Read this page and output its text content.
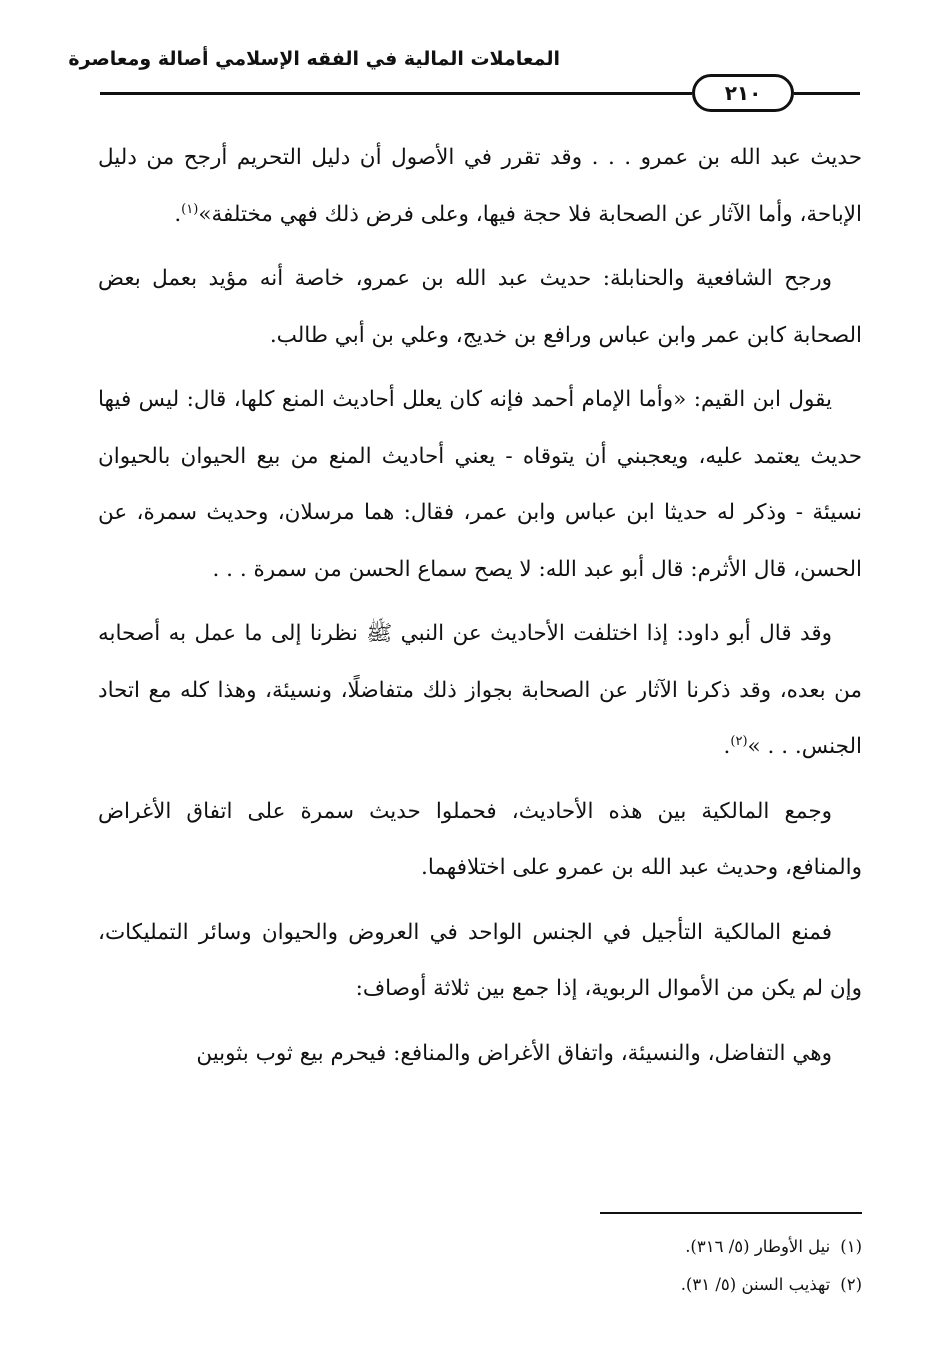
المعاملات المالية في الفقه الإسلامي أصالة ومعاصرة
٢١٠

حديث عبد الله بن عمرو . . . وقد تقرر في الأصول أن دليل التحريم أرجح من دليل الإباحة، وأما الآثار عن الصحابة فلا حجة فيها، وعلى فرض ذلك فهي مختلفة»$^{(١)}$.

ورجح الشافعية والحنابلة: حديث عبد الله بن عمرو، خاصة أنه مؤيد بعمل بعض الصحابة كابن عمر وابن عباس ورافع بن خديج، وعلي بن أبي طالب.

يقول ابن القيم: «وأما الإمام أحمد فإنه كان يعلل أحاديث المنع كلها، قال: ليس فيها حديث يعتمد عليه، ويعجبني أن يتوقاه - يعني أحاديث المنع من بيع الحيوان بالحيوان نسيئة - وذكر له حديثا ابن عباس وابن عمر، فقال: هما مرسلان، وحديث سمرة، عن الحسن، قال الأثرم: قال أبو عبد الله: لا يصح سماع الحسن من سمرة . . .

وقد قال أبو داود: إذا اختلفت الأحاديث عن النبي ﷺ نظرنا إلى ما عمل به أصحابه من بعده، وقد ذكرنا الآثار عن الصحابة بجواز ذلك متفاضلًا، ونسيئة، وهذا كله مع اتحاد الجنس. . . »$^{(٢)}$.

وجمع المالكية بين هذه الأحاديث، فحملوا حديث سمرة على اتفاق الأغراض والمنافع، وحديث عبد الله بن عمرو على اختلافهما.

فمنع المالكية التأجيل في الجنس الواحد في العروض والحيوان وسائر التمليكات، وإن لم يكن من الأموال الربوية، إذا جمع بين ثلاثة أوصاف:

وهي التفاضل، والنسيئة، واتفاق الأغراض والمنافع: فيحرم بيع ثوب بثوبين

(١)نيل الأوطار (٥/ ٣١٦).
(٢)تهذيب السنن (٥/ ٣١).
